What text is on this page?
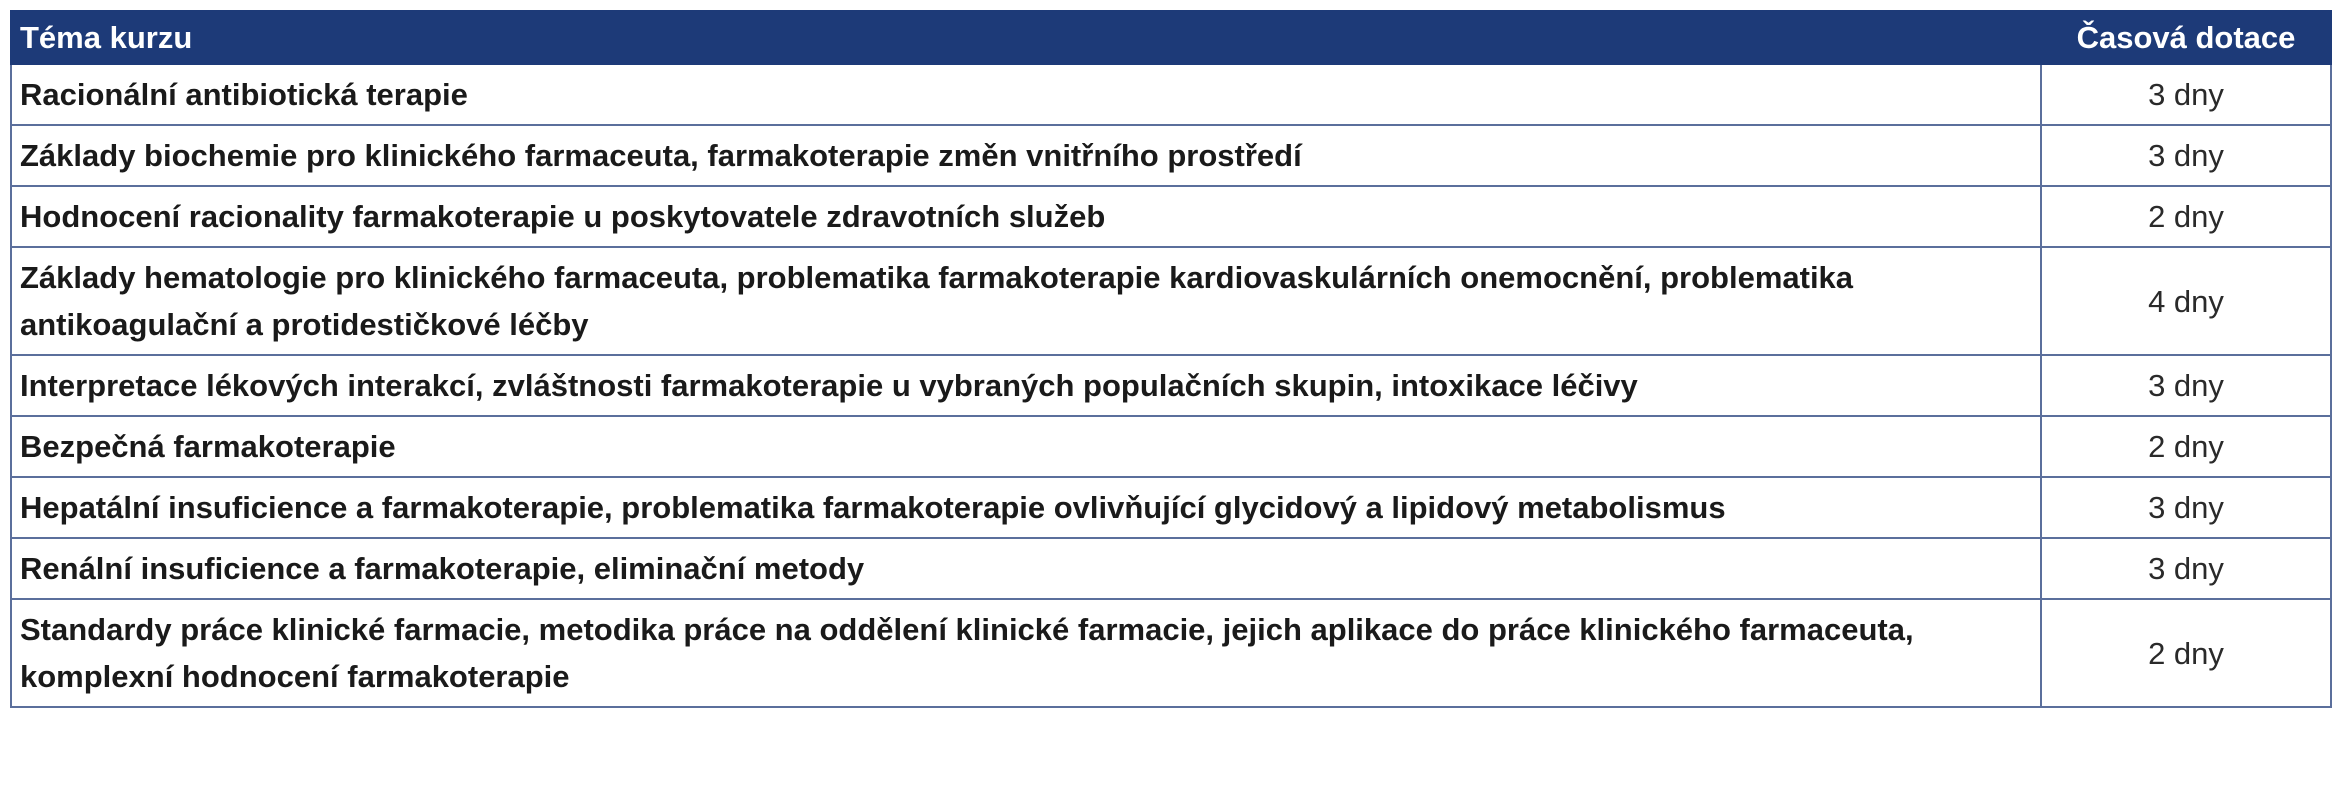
Téma kurzu	Časová dotace
Racionální antibiotická terapie	3 dny
Základy biochemie pro klinického farmaceuta, farmakoterapie změn vnitřního prostředí	3 dny
Hodnocení racionality farmakoterapie u poskytovatele zdravotních služeb	2 dny
Základy hematologie pro klinického farmaceuta, problematika farmakoterapie kardiovaskulárních onemocnění, problematika antikoagulační a protidestičkové léčby	4 dny
Interpretace lékových interakcí, zvláštnosti farmakoterapie u vybraných populačních skupin, intoxikace léčivy	3 dny
Bezpečná farmakoterapie	2 dny
Hepatální insuficience a farmakoterapie, problematika farmakoterapie ovlivňující glycidový a lipidový metabolismus	3 dny
Renální insuficience a farmakoterapie, eliminační metody	3 dny
Standardy práce klinické farmacie, metodika práce na oddělení klinické farmacie, jejich aplikace do práce klinického farmaceuta, komplexní hodnocení farmakoterapie	2 dny
